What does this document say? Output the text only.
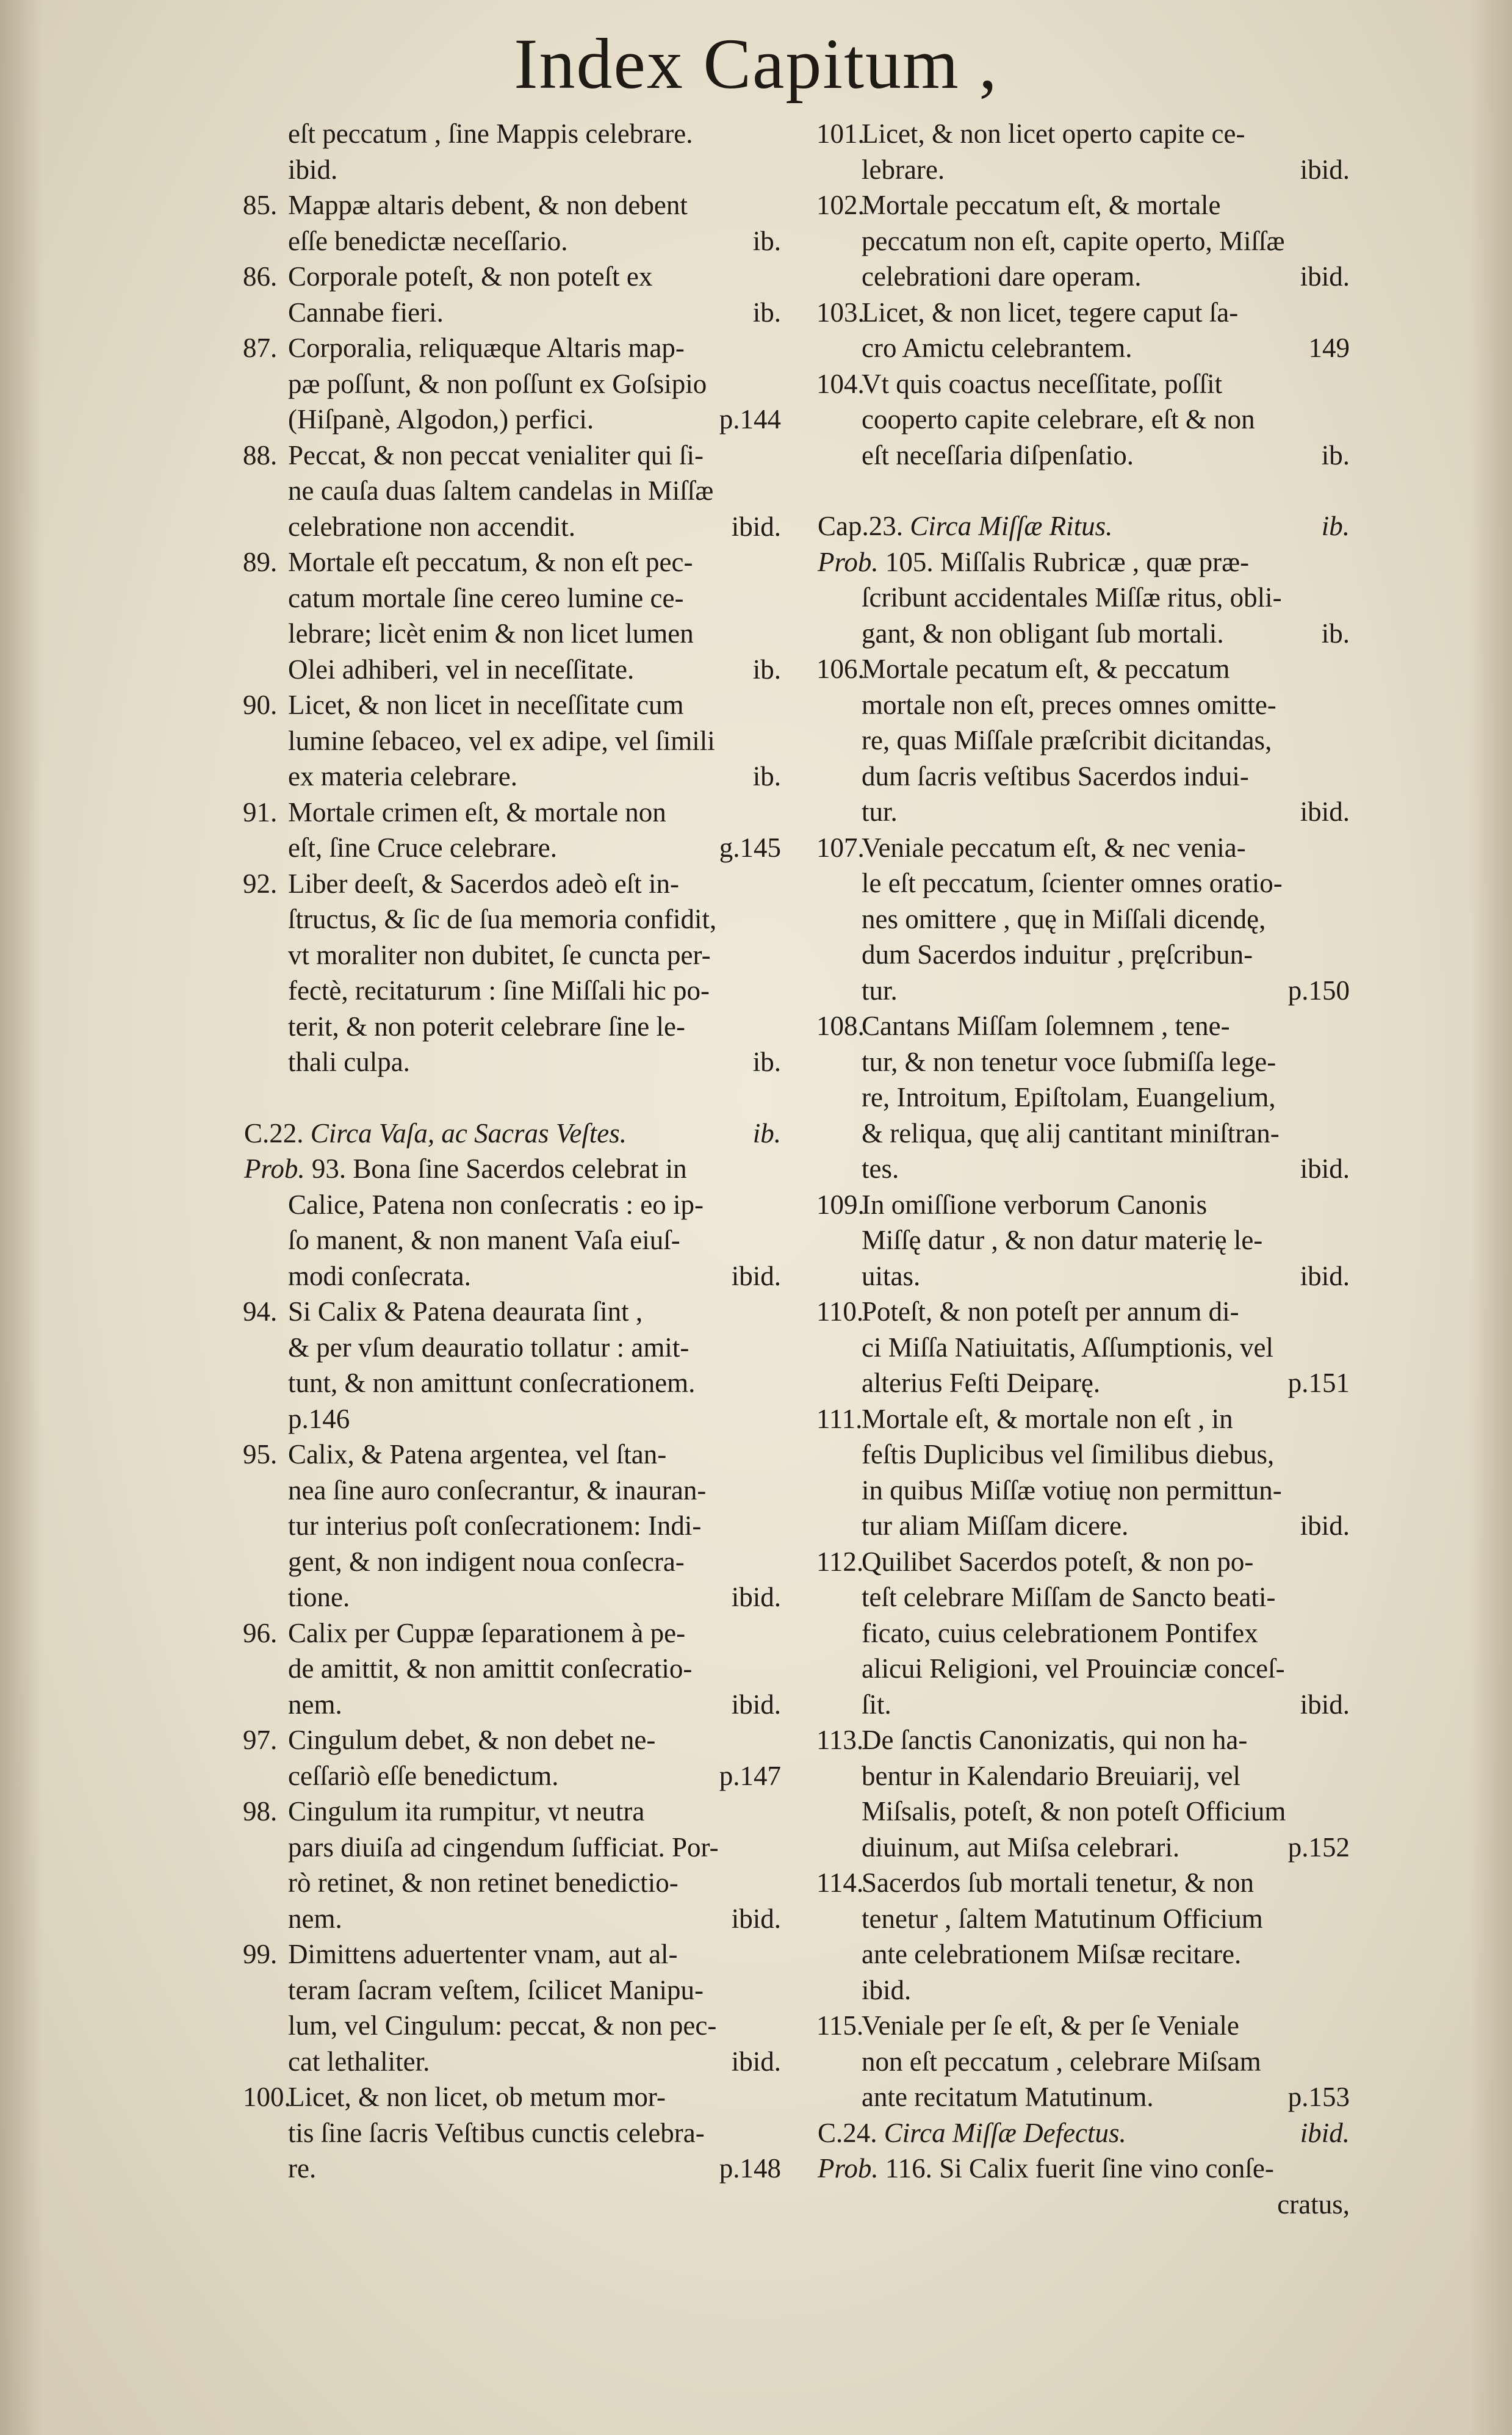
Index Capitum ,
eſt peccatum , ſine Mappis celebrare.
ibid.
85. Mappæ altaris debent, & non debent
eſſe benedictæ neceſſario.	ib.
86. Corporale poteſt, & non poteſt ex
Cannabe fieri.	ib.
87. Corporalia, reliquæque Altaris map-
pæ poſſunt, & non poſſunt ex Goſsipio
(Hiſpanè, Algodon,) perfici.	p.144
88. Peccat, & non peccat venialiter qui ſi-
ne cauſa duas ſaltem candelas in Miſſæ
celebratione non accendit.	ibid.
89. Mortale eſt peccatum, & non eſt pec-
catum mortale ſine cereo lumine ce-
lebrare; licèt enim & non licet lumen
Olei adhiberi, vel in neceſſitate.	ib.
90. Licet, & non licet in neceſſitate cum
lumine ſebaceo, vel ex adipe, vel ſimili
ex materia celebrare.	ib.
91. Mortale crimen eſt, & mortale non
eſt, ſine Cruce celebrare.	g.145
92. Liber deeſt, & Sacerdos adeò eſt in-
ſtructus, & ſic de ſua memoria confidit,
vt moraliter non dubitet, ſe cuncta per-
fectè, recitaturum : ſine Miſſali hic po-
terit, & non poterit celebrare ſine le-
thali culpa.	ib.
C.22. Circa Vaſa, ac Sacras Veſtes.	ib.
Prob. 93. Bona ſine Sacerdos celebrat in
Calice, Patena non conſecratis : eo ip-
ſo manent, & non manent Vaſa eiuſ-
modi conſecrata.	ibid.
94. Si Calix & Patena deaurata ſint ,
& per vſum deauratio tollatur : amit-
tunt, & non amittunt conſecrationem.
p.146
95. Calix, & Patena argentea, vel ſtan-
nea ſine auro conſecrantur, & inauran-
tur interius poſt conſecrationem: Indi-
gent, & non indigent noua conſecra-
tione.	ibid.
96. Calix per Cuppæ ſeparationem à pe-
de amittit, & non amittit conſecratio-
nem.	ibid.
97. Cingulum debet, & non debet ne-
ceſſariò eſſe benedictum.	p.147
98. Cingulum ita rumpitur, vt neutra
pars diuiſa ad cingendum ſufficiat. Por-
rò retinet, & non retinet benedictio-
nem.	ibid.
99. Dimittens aduertenter vnam, aut al-
teram ſacram veſtem, ſcilicet Manipu-
lum, vel Cingulum: peccat, & non pec-
cat lethaliter.	ibid.
100.
Licet, & non licet, ob metum mor-
tis ſine ſacris Veſtibus cunctis celebra-
re.	p.148
101.
Licet, & non licet operto capite ce-
lebrare.	ibid.
102.
Mortale peccatum eſt, & mortale
peccatum non eſt, capite operto, Miſſæ
celebrationi dare operam.	ibid.
103.
Licet, & non licet, tegere caput ſa-
cro Amictu celebrantem.	149
104.
Vt quis coactus neceſſitate, poſſit
cooperto capite celebrare, eſt & non
eſt neceſſaria diſpenſatio.	ib.
Cap.23. Circa Miſſæ Ritus.	ib.
Prob. 105. Miſſalis Rubricæ , quæ præ-
ſcribunt accidentales Miſſæ ritus, obli-
gant, & non obligant ſub mortali.	ib.
106.
Mortale pecatum eſt, & peccatum
mortale non eſt, preces omnes omitte-
re, quas Miſſale præſcribit dicitandas,
dum ſacris veſtibus Sacerdos indui-
tur.	ibid.
107.
Veniale peccatum eſt, & nec venia-
le eſt peccatum, ſcienter omnes oratio-
nes omittere , quę in Miſſali dicendę,
dum Sacerdos induitur , pręſcribun-
tur.	p.150
108.
Cantans Miſſam ſolemnem , tene-
tur, & non tenetur voce ſubmiſſa lege-
re, Introitum, Epiſtolam, Euangelium,
& reliqua, quę alij cantitant miniſtran-
tes.	ibid.
109.
In omiſſione verborum Canonis
Miſſę datur , & non datur materię le-
uitas.	ibid.
110.
Poteſt, & non poteſt per annum di-
ci Miſſa Natiuitatis, Aſſumptionis, vel
alterius Feſti Deiparę.	p.151
111.
Mortale eſt, & mortale non eſt , in
feſtis Duplicibus vel ſimilibus diebus,
in quibus Miſſæ votiuę non permittun-
tur aliam Miſſam dicere.	ibid.
112.
Quilibet Sacerdos poteſt, & non po-
teſt celebrare Miſſam de Sancto beati-
ficato, cuius celebrationem Pontifex
alicui Religioni, vel Prouinciæ conceſ-
ſit.	ibid.
113.
De ſanctis Canonizatis, qui non ha-
bentur in Kalendario Breuiarij, vel
Miſsalis, poteſt, & non poteſt Officium
diuinum, aut Miſsa celebrari.	p.152
114.
Sacerdos ſub mortali tenetur, & non
tenetur , ſaltem Matutinum Officium
ante celebrationem Miſsæ recitare.
ibid.
115.
Veniale per ſe eſt, & per ſe Veniale
non eſt peccatum , celebrare Miſsam
ante recitatum Matutinum.	p.153
C.24. Circa Miſſæ Defectus.	ibid.
Prob. 116. Si Calix fuerit ſine vino conſe-
cratus,
